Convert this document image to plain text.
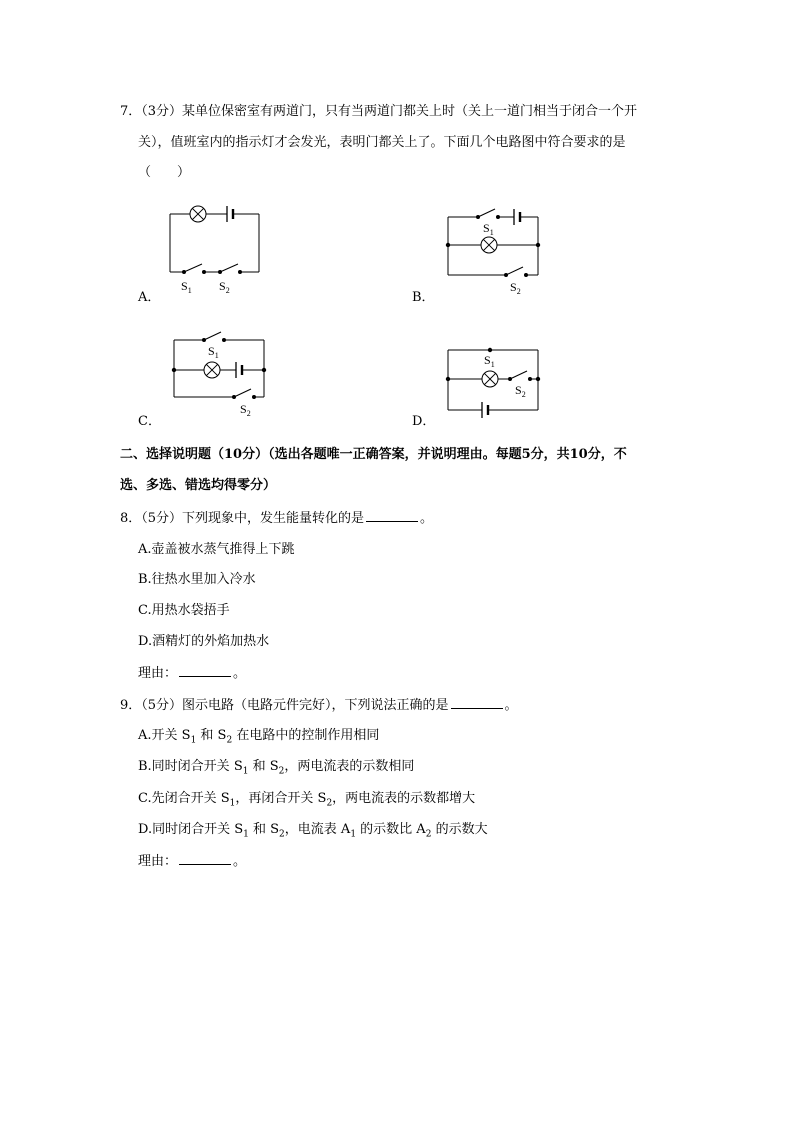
7．（3分）某单位保密室有两道门，只有当两道门都关上时（关上一道门相当于闭合一个开
关），值班室内的指示灯才会发光，表明门都关上了。下面几个电路图中符合要求的是
（　　）
$S_1$ $S_2$
A．
$S_1$
$S_2$
B．
$S_1$
$S_2$
C．
$S_1$
$S_2$
D．
二、选择说明题（10分）（选出各题唯一正确答案，并说明理由。每题5分，共10分，不
选、多选、错选均得零分）
8．（5分）下列现象中，发生能量转化的是	。
A.壶盖被水蒸气推得上下跳
B.往热水里加入冷水
C.用热水袋捂手
D.酒精灯的外焰加热水
理由：	。
9．（5分）图示电路（电路元件完好），下列说法正确的是	。
A.开关 $S_1$ 和 $S_2$ 在电路中的控制作用相同
B.同时闭合开关 $S_1$ 和 $S_2$，两电流表的示数相同
C.先闭合开关 $S_1$，再闭合开关 $S_2$，两电流表的示数都增大
D.同时闭合开关 $S_1$ 和 $S_2$，电流表 $A_1$ 的示数比 $A_2$ 的示数大
理由：	。
